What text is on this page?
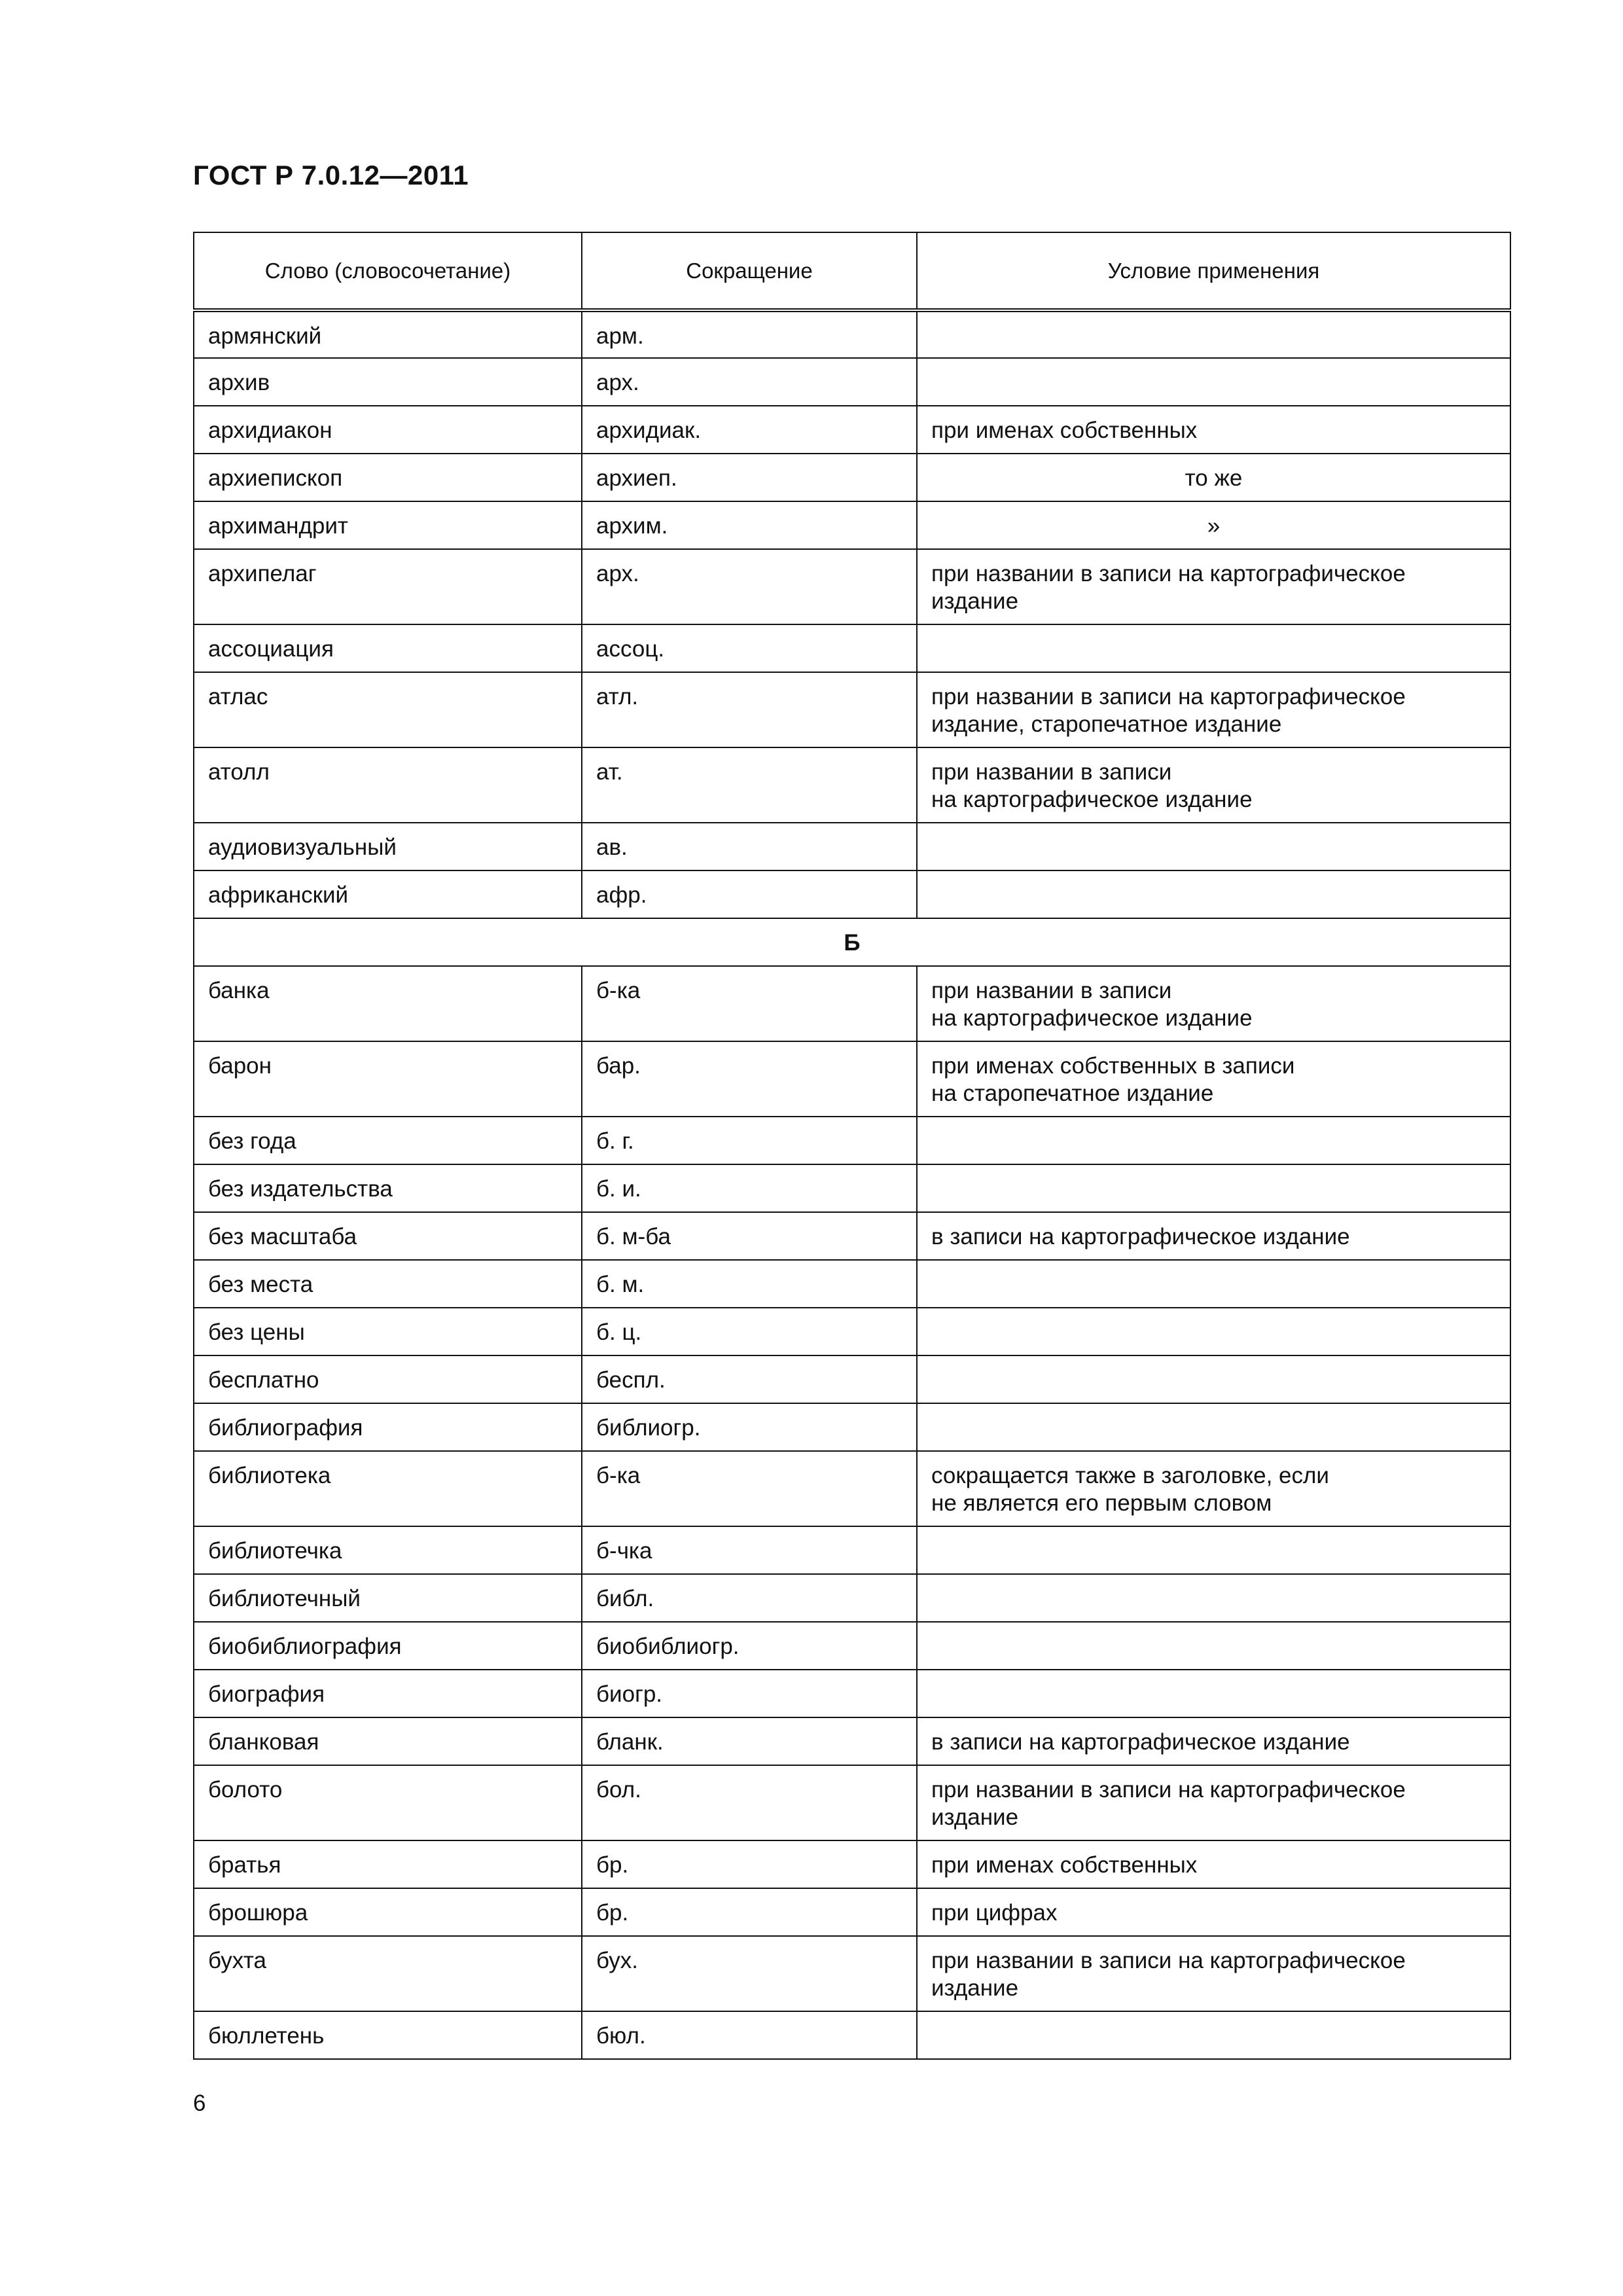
ГОСТ Р 7.0.12—2011
Слово (словосочетание)	Сокращение	Условие применения
армянский	арм.	
архив	арх.	
архидиакон	архидиак.	при именах собственных
архиепископ	архиеп.	то же
архимандрит	архим.	»
архипелаг	арх.	при названии в записи на картографическое
издание
ассоциация	ассоц.	
атлас	атл.	при названии в записи на картографическое
издание, старопечатное издание
атолл	ат.	при названии в записи
на картографическое издание
аудиовизуальный	ав.	
африканский	афр.	
Б		
банка	б-ка	при названии в записи
на картографическое издание
барон	бар.	при именах собственных в записи
на старопечатное издание
без года	б. г.	
без издательства	б. и.	
без масштаба	б. м-ба	в записи на картографическое издание
без места	б. м.	
без цены	б. ц.	
бесплатно	беспл.	
библиография	библиогр.	
библиотека	б-ка	сокращается также в заголовке, если
не является его первым словом
библиотечка	б-чка	
библиотечный	библ.	
биобиблиография	биобиблиогр.	
биография	биогр.	
бланковая	бланк.	в записи на картографическое издание
болото	бол.	при названии в записи на картографическое
издание
братья	бр.	при именах собственных
брошюра	бр.	при цифрах
бухта	бух.	при названии в записи на картографическое
издание
бюллетень	бюл.	
6
